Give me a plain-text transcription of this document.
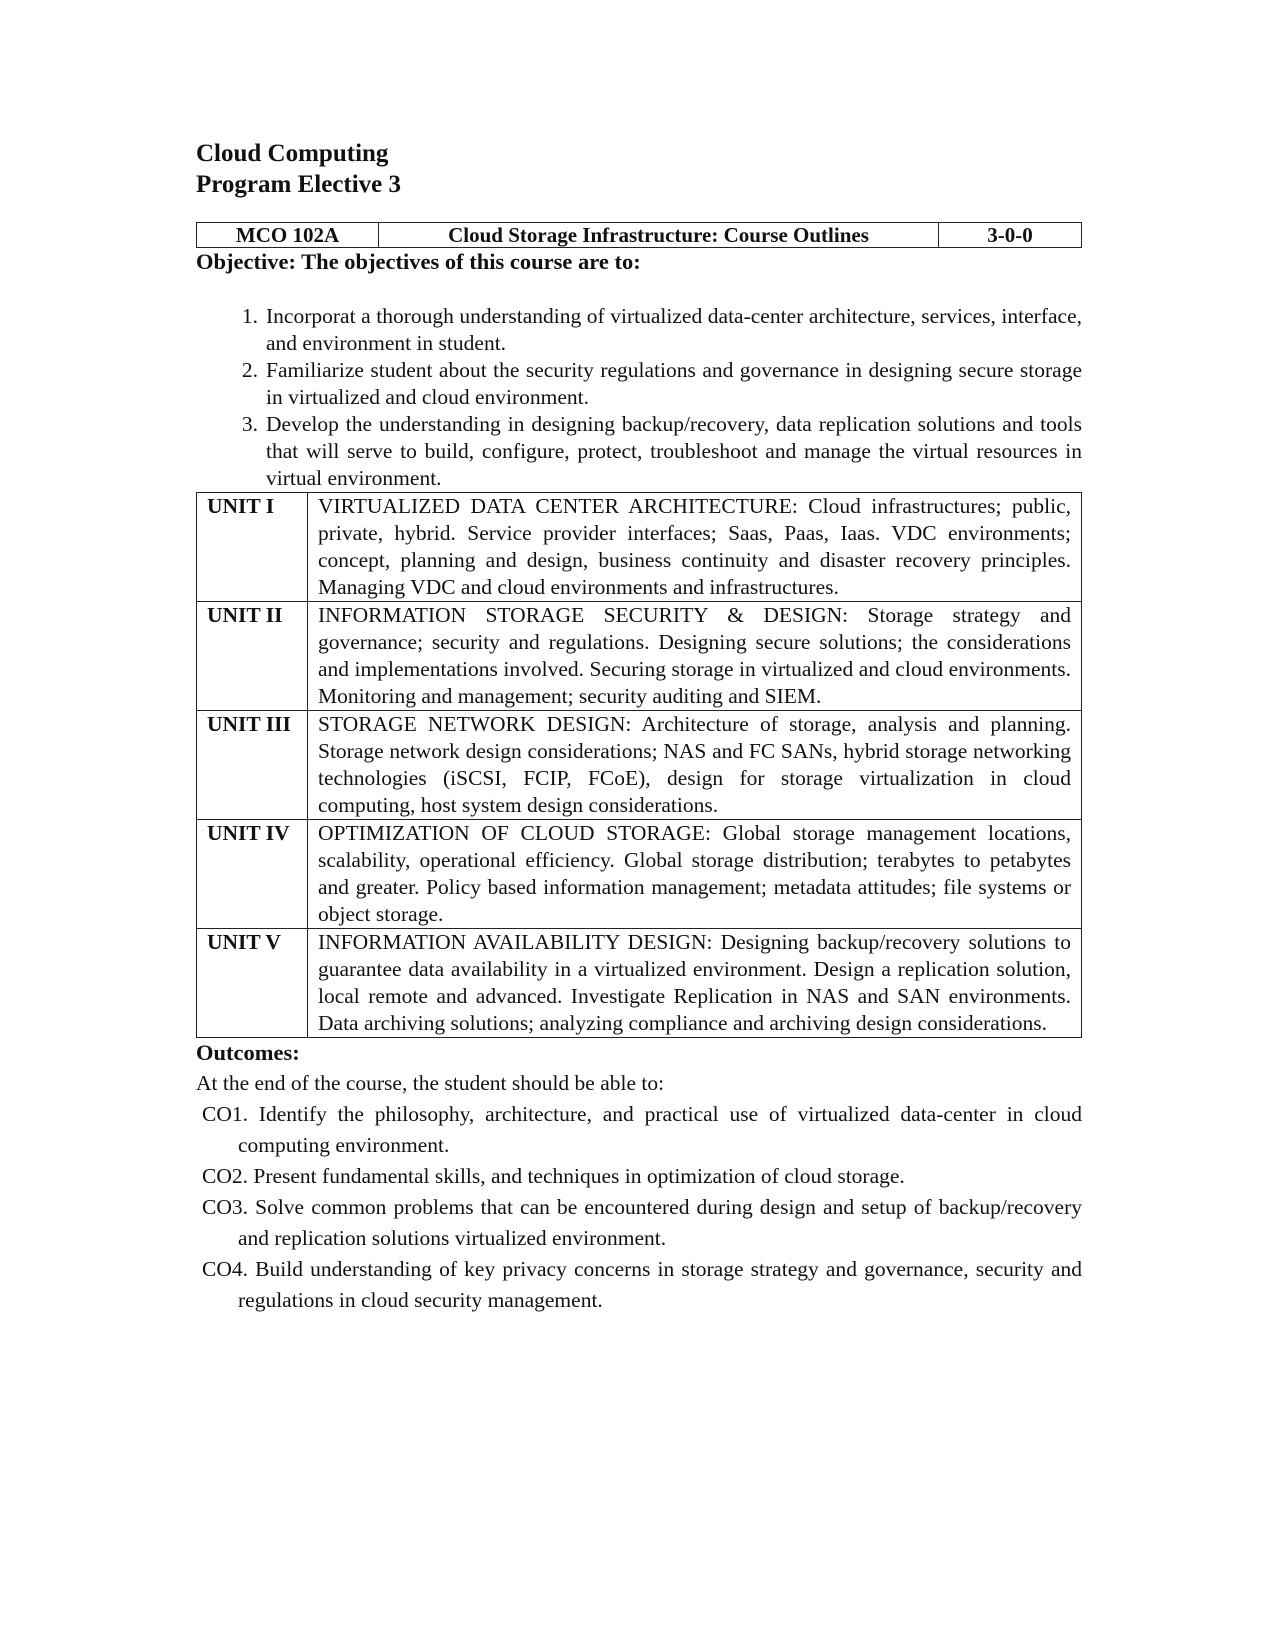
Cloud Computing
Program Elective 3
MCO 102A	Cloud Storage Infrastructure: Course Outlines	3-0-0
Objective: The objectives of this course are to:
1. Incorporat a thorough understanding of virtualized data-center architecture, services, interface, and environment in student.
2. Familiarize student about the security regulations and governance in designing secure storage in virtualized and cloud environment.
3. Develop the understanding in designing backup/recovery, data replication solutions and tools that will serve to build, configure, protect, troubleshoot and manage the virtual resources in virtual environment.
UNIT I	VIRTUALIZED DATA CENTER ARCHITECTURE: Cloud infrastructures; public, private, hybrid. Service provider interfaces; Saas, Paas, Iaas. VDC environments; concept, planning and design, business continuity and disaster recovery principles. Managing VDC and cloud environments and infrastructures.
UNIT II	INFORMATION STORAGE SECURITY & DESIGN: Storage strategy and governance; security and regulations. Designing secure solutions; the considerations and implementations involved. Securing storage in virtualized and cloud environments. Monitoring and management; security auditing and SIEM.
UNIT III	STORAGE NETWORK DESIGN: Architecture of storage, analysis and planning. Storage network design considerations; NAS and FC SANs, hybrid storage networking technologies (iSCSI, FCIP, FCoE), design for storage virtualization in cloud computing, host system design considerations.
UNIT IV	OPTIMIZATION OF CLOUD STORAGE: Global storage management locations, scalability, operational efficiency. Global storage distribution; terabytes to petabytes and greater. Policy based information management; metadata attitudes; file systems or object storage.
UNIT V	INFORMATION AVAILABILITY DESIGN: Designing backup/recovery solutions to guarantee data availability in a virtualized environment. Design a replication solution, local remote and advanced. Investigate Replication in NAS and SAN environments. Data archiving solutions; analyzing compliance and archiving design considerations.
Outcomes:
At the end of the course, the student should be able to:
CO1. Identify the philosophy, architecture, and practical use of virtualized data-center in cloud computing environment.
CO2. Present fundamental skills, and techniques in optimization of cloud storage.
CO3. Solve common problems that can be encountered during design and setup of backup/recovery and replication solutions virtualized environment.
CO4. Build understanding of key privacy concerns in storage strategy and governance, security and regulations in cloud security management.
